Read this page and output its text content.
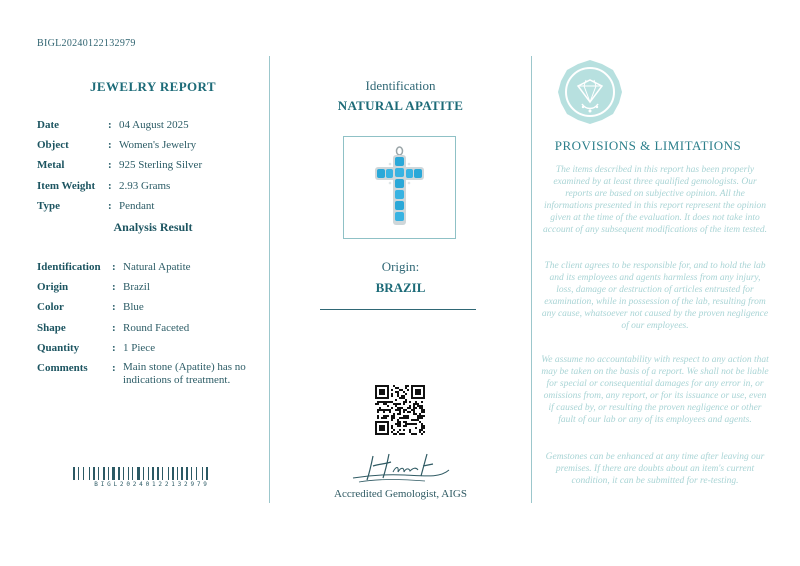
BIGL20240122132979
JEWELRY REPORT
Date	: 04 August 2025
Object	: Women's Jewelry
Metal	: 925 Sterling Silver
Item Weight	: 2.93 Grams
Type	: Pendant
Analysis Result
Identification	: Natural Apatite
Origin	: Brazil
Color	: Blue
Shape	: Round Faceted
Quantity	: 1 Piece
Comments	: Main stone (Apatite) has no indications of treatment.
BIGL20240122132979
Identification
NATURAL APATITE
Origin:
BRAZIL
Accredited Gemologist, AIGS
PROVISIONS & LIMITATIONS
The items described in this report has been properly examined by at least three qualified gemologists. Our reports are based on subjective opinion. All the informations presented in this report represent the opinion given at the time of the evaluation. It does not take into account of any subsequent modifications of the item tested.
The client agrees to be responsible for, and to hold the lab and its employees and agents harmless from any injury, loss, damage or destruction of articles entrusted for examination, while in possession of the lab, resulting from any cause, whatsoever not caused by the proven negligence of our employees.
We assume no accountability with respect to any action that may be taken on the basis of a report. We shall not be liable for special or consequential damages for any error in, or omissions from, any report, or for its issuance or use, even if caused by, or resulting the proven negligence or other fault of our lab or any of its employees and agents.
Gemstones can be enhanced at any time after leaving our premises. If there are doubts about an item's current condition, it can be submitted for re-testing.
